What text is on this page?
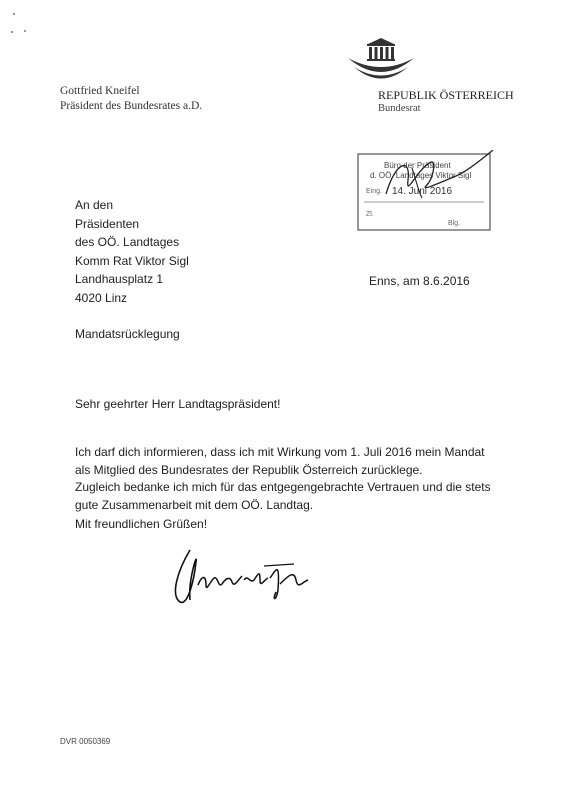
Gottfried Kneifel
Präsident des Bundesrates a.D.
REPUBLIK ÖSTERREICH
Bundesrat
Büro der Präsident
d. OÖ. Landtages Viktor Sigl
Eing. 14. Juni 2016
Zl.
Blg.
An den
Präsidenten
des OÖ. Landtages
Komm Rat Viktor Sigl
Landhausplatz 1
4020 Linz
Enns, am 8.6.2016
Mandatsrücklegung
Sehr geehrter Herr Landtagspräsident!
Ich darf dich informieren, dass ich mit Wirkung vom 1. Juli 2016 mein Mandat
als Mitglied des Bundesrates der Republik Österreich zurücklege.
Zugleich bedanke ich mich für das entgegengebrachte Vertrauen und die stets
gute Zusammenarbeit mit dem OÖ. Landtag.
Mit freundlichen Grüßen!
DVR 0050369
